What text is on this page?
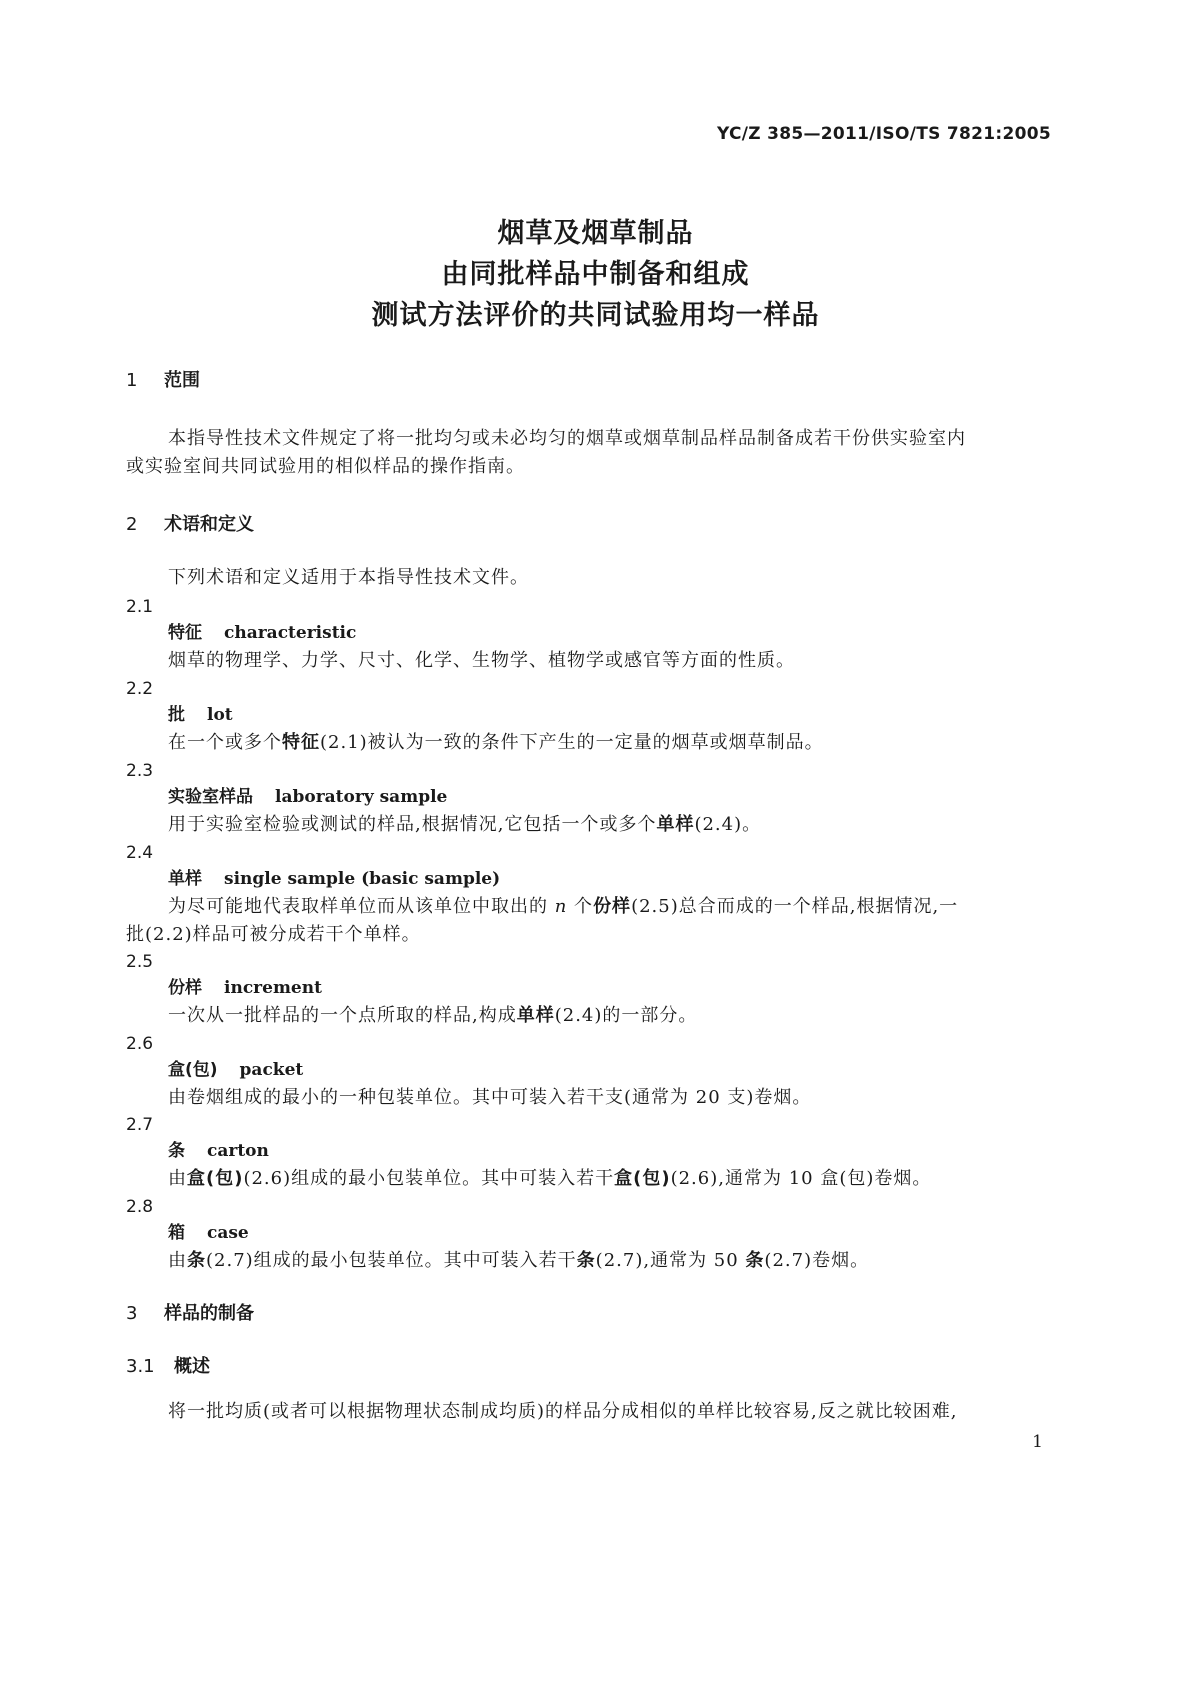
YC/Z 385—2011/ISO/TS 7821:2005
烟草及烟草制品
由同批样品中制备和组成
测试方法评价的共同试验用均一样品
1 范围
本指导性技术文件规定了将一批均匀或未必均匀的烟草或烟草制品样品制备成若干份供实验室内
或实验室间共同试验用的相似样品的操作指南。
2 术语和定义
下列术语和定义适用于本指导性技术文件。
2.1
特征 characteristic
烟草的物理学、力学、尺寸、化学、生物学、植物学或感官等方面的性质。
2.2
批 lot
在一个或多个特征(2.1)被认为一致的条件下产生的一定量的烟草或烟草制品。
2.3
实验室样品 laboratory sample
用于实验室检验或测试的样品,根据情况,它包括一个或多个单样(2.4)。
2.4
单样 single sample (basic sample)
为尽可能地代表取样单位而从该单位中取出的 n 个份样(2.5)总合而成的一个样品,根据情况,一
批(2.2)样品可被分成若干个单样。
2.5
份样 increment
一次从一批样品的一个点所取的样品,构成单样(2.4)的一部分。
2.6
盒(包) packet
由卷烟组成的最小的一种包装单位。其中可装入若干支(通常为 20 支)卷烟。
2.7
条 carton
由盒(包)(2.6)组成的最小包装单位。其中可装入若干盒(包)(2.6),通常为 10 盒(包)卷烟。
2.8
箱 case
由条(2.7)组成的最小包装单位。其中可装入若干条(2.7),通常为 50 条(2.7)卷烟。
3 样品的制备
3.1 概述
将一批均质(或者可以根据物理状态制成均质)的样品分成相似的单样比较容易,反之就比较困难,
1
